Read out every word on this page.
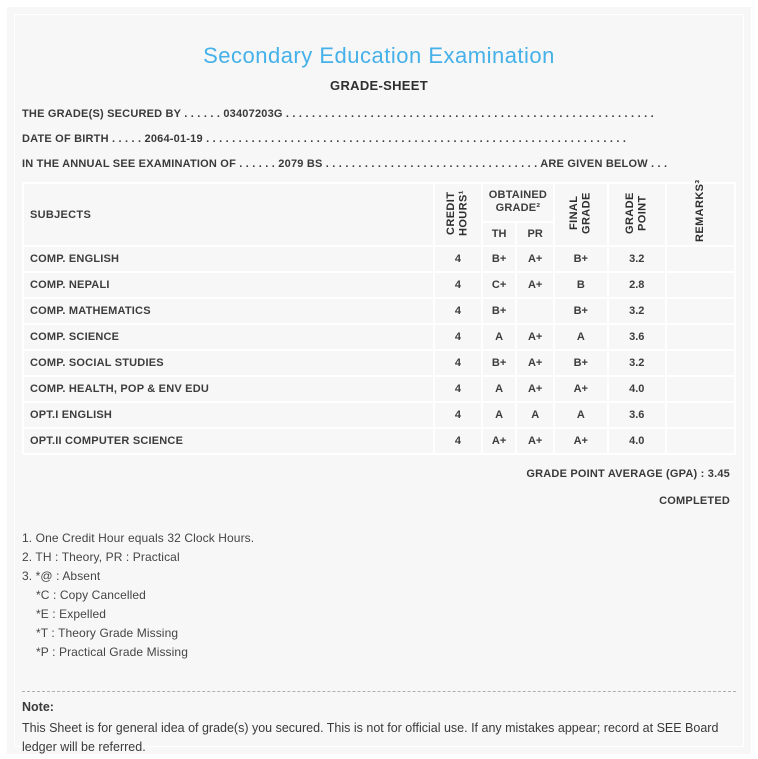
Secondary Education Examination
GRADE-SHEET
THE GRADE(S) SECURED BY . . . . . . 03407203G . . . . . . . . . . . . . . . . . . . . . . . . . . . . . . . . . . . . . . . . . . . . . . . . . . . . . . . . .
DATE OF BIRTH . . . . . 2064-01-19 . . . . . . . . . . . . . . . . . . . . . . . . . . . . . . . . . . . . . . . . . . . . . . . . . . . . . . . . . . . . . . . . .
IN THE ANNUAL SEE EXAMINATION OF . . . . . . 2079 BS . . . . . . . . . . . . . . . . . . . . . . . . . . . . . . . . . ARE GIVEN BELOW . . .
SUBJECTS	CREDIT HOURS¹	OBTAINED GRADE²		FINAL GRADE	GRADE POINT	REMARKS³
		TH	PR			
COMP. ENGLISH	4	B+	A+	B+	3.2	
COMP. NEPALI	4	C+	A+	B	2.8	
COMP. MATHEMATICS	4	B+		B+	3.2	
COMP. SCIENCE	4	A	A+	A	3.6	
COMP. SOCIAL STUDIES	4	B+	A+	B+	3.2	
COMP. HEALTH, POP & ENV EDU	4	A	A+	A+	4.0	
OPT.I ENGLISH	4	A	A	A	3.6	
OPT.II COMPUTER SCIENCE	4	A+	A+	A+	4.0	
GRADE POINT AVERAGE (GPA) : 3.45
COMPLETED
1. One Credit Hour equals 32 Clock Hours.
2. TH : Theory, PR : Practical
3. *@ : Absent
*C : Copy Cancelled
*E : Expelled
*T : Theory Grade Missing
*P : Practical Grade Missing
Note:
This Sheet is for general idea of grade(s) you secured. This is not for official use. If any mistakes appear; record at SEE Board ledger will be referred.
